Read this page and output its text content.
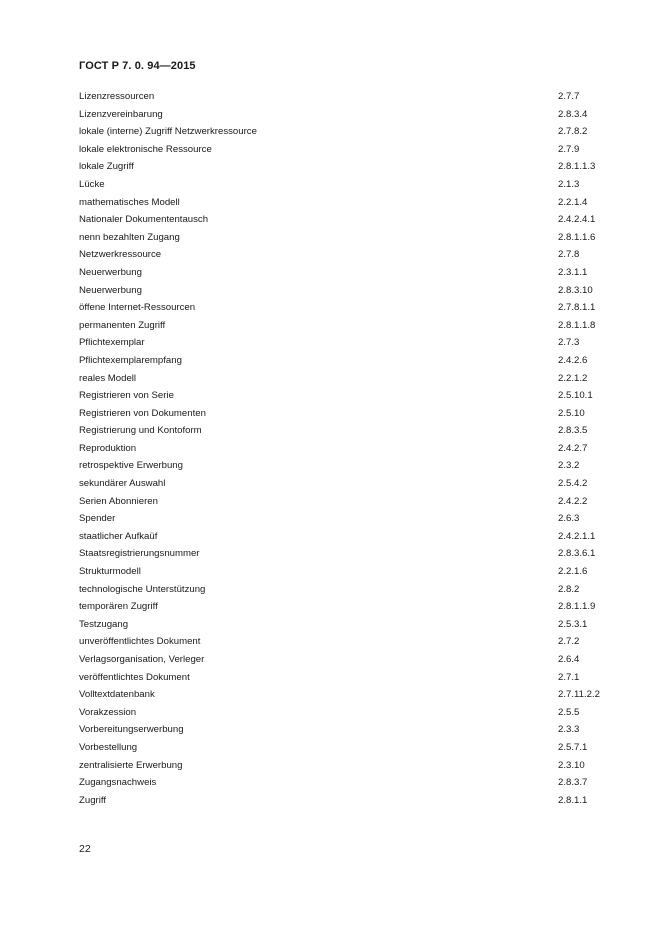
ГОСТ Р 7. 0. 94—2015
Lizenzressourcen	2.7.7
Lizenzvereinbarung	2.8.3.4
lokale (interne) Zugriff Netzwerkressource	2.7.8.2
lokale elektronische Ressource	2.7.9
lokale Zugriff	2.8.1.1.3
Lücke	2.1.3
mathematisches Modell	2.2.1.4
Nationaler Dokumententausch	2.4.2.4.1
nenn bezahlten Zugang	2.8.1.1.6
Netzwerkressource	2.7.8
Neuerwerbung	2.3.1.1
Neuerwerbung	2.8.3.10
öffene Internet-Ressourcen	2.7.8.1.1
permanenten Zugriff	2.8.1.1.8
Pflichtexemplar	2.7.3
Pflichtexemplarempfang	2.4.2.6
reales Modell	2.2.1.2
Registrieren von Serie	2.5.10.1
Registrieren von Dokumenten	2.5.10
Registrierung und Kontoform	2.8.3.5
Reproduktion	2.4.2.7
retrospektive Erwerbung	2.3.2
sekundärer Auswahl	2.5.4.2
Serien Abonnieren	2.4.2.2
Spender	2.6.3
staatlicher Aufkaüf	2.4.2.1.1
Staatsregistrierungsnummer	2.8.3.6.1
Strukturmodell	2.2.1.6
technologische Unterstützung	2.8.2
temporären Zugriff	2.8.1.1.9
Testzugang	2.5.3.1
unveröffentlichtes Dokument	2.7.2
Verlagsorganisation, Verleger	2.6.4
veröffentlichtes Dokument	2.7.1
Volltextdatenbank	2.7.11.2.2
Vorakzession	2.5.5
Vorbereitungserwerbung	2.3.3
Vorbestellung	2.5.7.1
zentralisierte Erwerbung	2.3.10
Zugangsnachweis	2.8.3.7
Zugriff	2.8.1.1
22
